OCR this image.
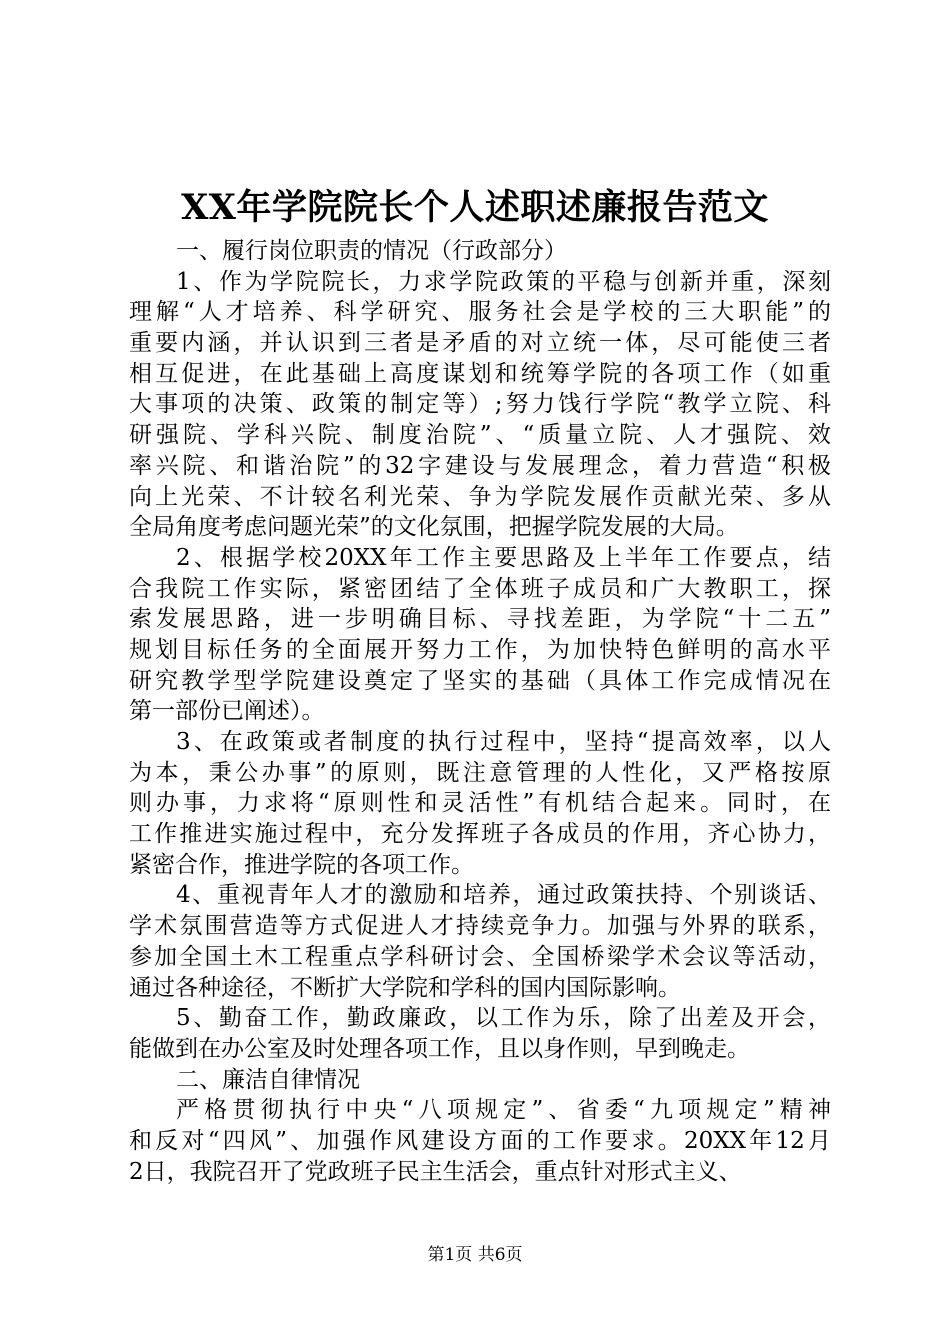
XX年学院院长个人述职述廉报告范文
一、履行岗位职责的情况（行政部分）
1、作为学院院长，力求学院政策的平稳与创新并重，深刻
理解“人才培养、科学研究、服务社会是学校的三大职能”的
重要内涵，并认识到三者是矛盾的对立统一体，尽可能使三者
相互促进，在此基础上高度谋划和统筹学院的各项工作（如重
大事项的决策、政策的制定等）;努力饯行学院“教学立院、科
研强院、学科兴院、制度治院”、“质量立院、人才强院、效
率兴院、和谐治院”的32字建设与发展理念，着力营造“积极
向上光荣、不计较名利光荣、争为学院发展作贡献光荣、多从
全局角度考虑问题光荣”的文化氛围，把握学院发展的大局。
2、根据学校20XX年工作主要思路及上半年工作要点，结
合我院工作实际，紧密团结了全体班子成员和广大教职工，探
索发展思路，进一步明确目标、寻找差距，为学院“十二五”
规划目标任务的全面展开努力工作，为加快特色鲜明的高水平
研究教学型学院建设奠定了坚实的基础（具体工作完成情况在
第一部份已阐述）。
3、在政策或者制度的执行过程中，坚持“提高效率，以人
为本，秉公办事”的原则，既注意管理的人性化，又严格按原
则办事，力求将“原则性和灵活性”有机结合起来。同时，在
工作推进实施过程中，充分发挥班子各成员的作用，齐心协力，
紧密合作，推进学院的各项工作。
4、重视青年人才的激励和培养，通过政策扶持、个别谈话、
学术氛围营造等方式促进人才持续竞争力。加强与外界的联系，
参加全国土木工程重点学科研讨会、全国桥梁学术会议等活动，
通过各种途径，不断扩大学院和学科的国内国际影响。
5、勤奋工作，勤政廉政，以工作为乐，除了出差及开会，
能做到在办公室及时处理各项工作，且以身作则，早到晚走。
二、廉洁自律情况
严格贯彻执行中央“八项规定”、省委“九项规定”精神
和反对“四风”、加强作风建设方面的工作要求。20XX年12月
2日，我院召开了党政班子民主生活会，重点针对形式主义、
第1页 共6页
